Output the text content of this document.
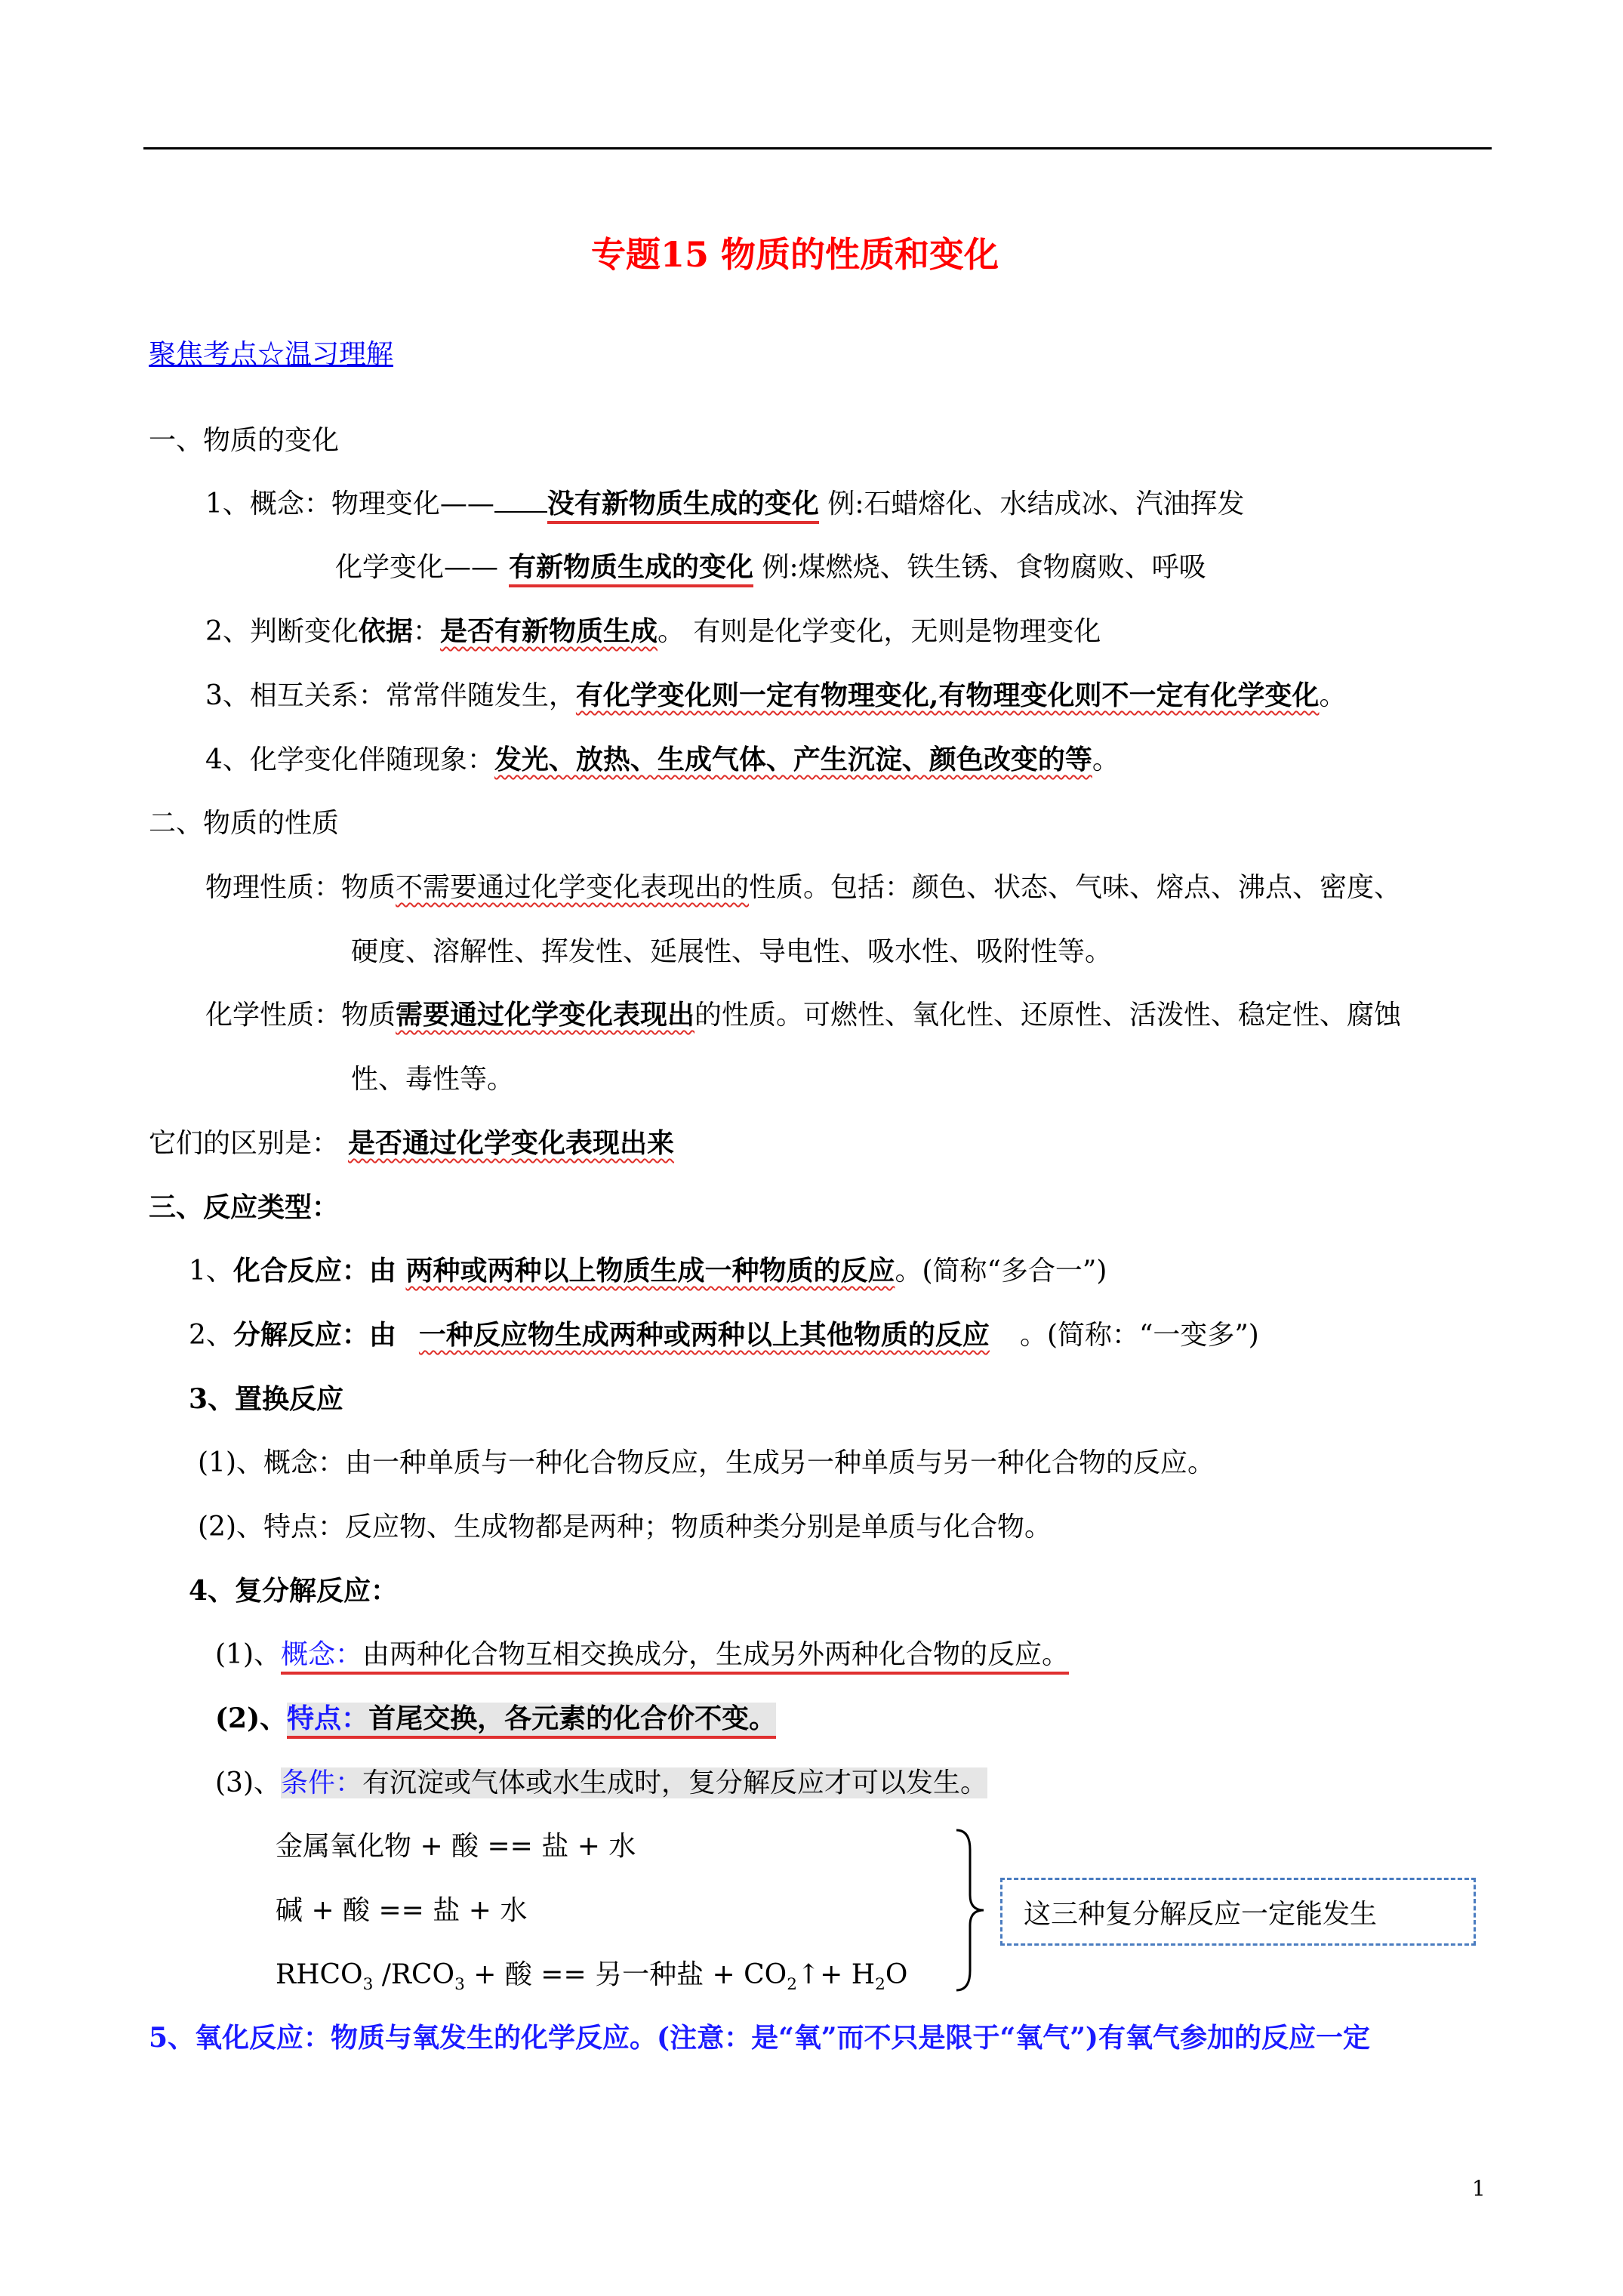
专题15 物质的性质和变化
聚焦考点☆温习理解
一、物质的变化
1、概念：物理变化—— 没有新物质生成的变化 例:石蜡熔化、水结成冰、汽油挥发
化学变化—— 有新物质生成的变化 例:煤燃烧、铁生锈、食物腐败、呼吸
2、判断变化依据：是否有新物质生成。 有则是化学变化，无则是物理变化
3、相互关系：常常伴随发生，有化学变化则一定有物理变化,有物理变化则不一定有化学变化。
4、化学变化伴随现象：发光、放热、生成气体、产生沉淀、颜色改变的等。
二、物质的性质
物理性质：物质不需要通过化学变化表现出的性质。包括：颜色、状态、气味、熔点、沸点、密度、
硬度、溶解性、挥发性、延展性、导电性、吸水性、吸附性等。
化学性质：物质需要通过化学变化表现出的性质。可燃性、氧化性、还原性、活泼性、稳定性、腐蚀
性、毒性等。
它们的区别是： 是否通过化学变化表现出来
三、反应类型：
1、化合反应：由 两种或两种以上物质生成一种物质的反应。(简称“多合一”)
2、分解反应：由 一种反应物生成两种或两种以上其他物质的反应 。(简称：“一变多”)
3、置换反应
(1)、概念：由一种单质与一种化合物反应，生成另一种单质与另一种化合物的反应。
(2)、特点：反应物、生成物都是两种；物质种类分别是单质与化合物。
4、复分解反应：
(1)、概念：由两种化合物互相交换成分，生成另外两种化合物的反应。
(2)、特点：首尾交换，各元素的化合价不变。
(3)、条件：有沉淀或气体或水生成时，复分解反应才可以发生。
金属氧化物 + 酸 == 盐 + 水
碱 + 酸 == 盐 + 水
$RHCO_3$ $/RCO_3$ + 酸 == 另一种盐 + $CO_2↑+ H_2O$
这三种复分解反应一定能发生
5、氧化反应：物质与氧发生的化学反应。(注意：是“氧”而不只是限于“氧气”)有氧气参加的反应一定
1
